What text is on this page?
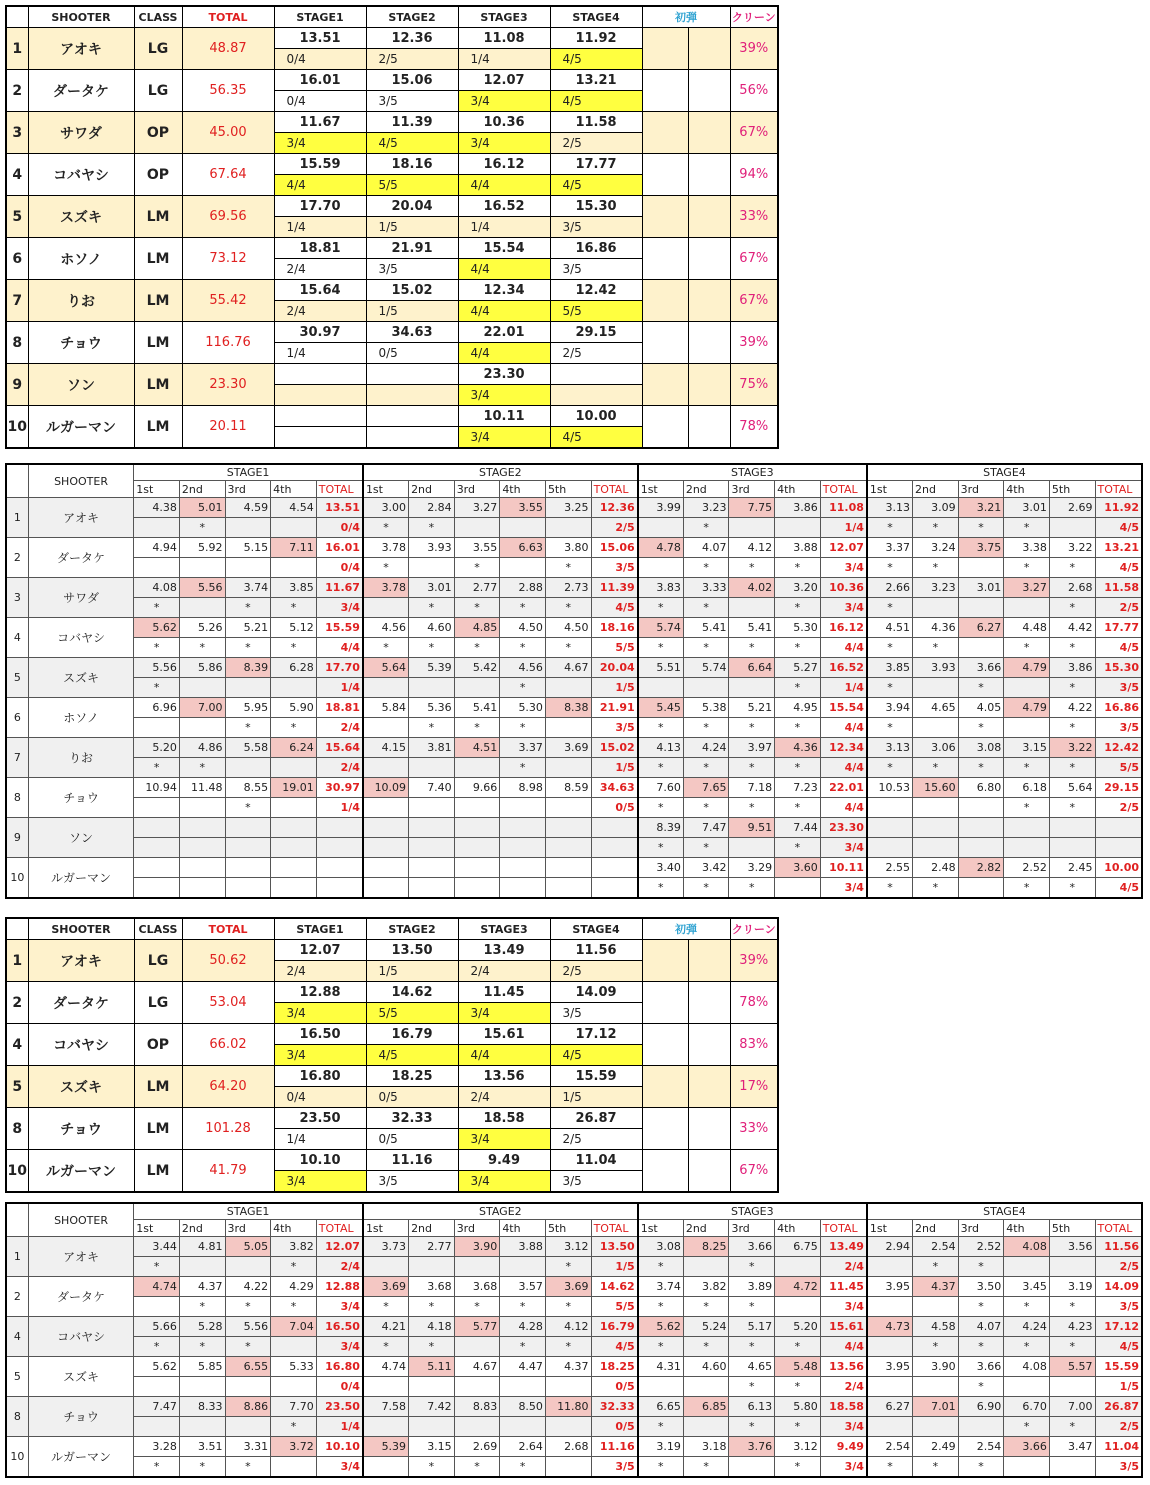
	SHOOTER	CLASS	TOTAL	STAGE1	STAGE2	STAGE3	STAGE4	初弾		クリーン
1	アオキ	LG	48.87	13.51	12.36	11.08	11.92			39%
				0/4	2/5	1/4	4/5			
2	ダータケ	LG	56.35	16.01	15.06	12.07	13.21			56%
				0/4	3/5	3/4	4/5			
3	サワダ	OP	45.00	11.67	11.39	10.36	11.58			67%
				3/4	4/5	3/4	2/5			
4	コバヤシ	OP	67.64	15.59	18.16	16.12	17.77			94%
				4/4	5/5	4/4	4/5			
5	スズキ	LM	69.56	17.70	20.04	16.52	15.30			33%
				1/4	1/5	1/4	3/5			
6	ホソノ	LM	73.12	18.81	21.91	15.54	16.86			67%
				2/4	3/5	4/4	3/5			
7	りお	LM	55.42	15.64	15.02	12.34	12.42			67%
				2/4	1/5	4/4	5/5			
8	チョウ	LM	116.76	30.97	34.63	22.01	29.15			39%
				1/4	0/5	4/4	2/5			
9	ソン	LM	23.30			23.30				75%
						3/4				
10	ルガーマン	LM	20.11			10.11	10.00			78%
						3/4	4/5			
	SHOOTER	STAGE1					STAGE2						STAGE3					STAGE4					
		1st	2nd	3rd	4th	TOTAL	1st	2nd	3rd	4th	5th	TOTAL	1st	2nd	3rd	4th	TOTAL	1st	2nd	3rd	4th	5th	TOTAL
1	アオキ	4.38	5.01	4.59	4.54	13.51	3.00	2.84	3.27	3.55	3.25	12.36	3.99	3.23	7.75	3.86	11.08	3.13	3.09	3.21	3.01	2.69	11.92
			*			0/4	*	*				2/5		*			1/4	*	*	*	*		4/5
2	ダータケ	4.94	5.92	5.15	7.11	16.01	3.78	3.93	3.55	6.63	3.80	15.06	4.78	4.07	4.12	3.88	12.07	3.37	3.24	3.75	3.38	3.22	13.21
						0/4	*		*		*	3/5		*	*	*	3/4	*	*		*	*	4/5
3	サワダ	4.08	5.56	3.74	3.85	11.67	3.78	3.01	2.77	2.88	2.73	11.39	3.83	3.33	4.02	3.20	10.36	2.66	3.23	3.01	3.27	2.68	11.58
		*		*	*	3/4		*	*	*	*	4/5	*	*		*	3/4	*				*	2/5
4	コバヤシ	5.62	5.26	5.21	5.12	15.59	4.56	4.60	4.85	4.50	4.50	18.16	5.74	5.41	5.41	5.30	16.12	4.51	4.36	6.27	4.48	4.42	17.77
		*	*	*	*	4/4	*	*	*	*	*	5/5	*	*	*	*	4/4	*	*		*	*	4/5
5	スズキ	5.56	5.86	8.39	6.28	17.70	5.64	5.39	5.42	4.56	4.67	20.04	5.51	5.74	6.64	5.27	16.52	3.85	3.93	3.66	4.79	3.86	15.30
		*				1/4				*		1/5				*	1/4	*		*		*	3/5
6	ホソノ	6.96	7.00	5.95	5.90	18.81	5.84	5.36	5.41	5.30	8.38	21.91	5.45	5.38	5.21	4.95	15.54	3.94	4.65	4.05	4.79	4.22	16.86
				*	*	2/4		*	*	*		3/5	*	*	*	*	4/4	*		*		*	3/5
7	りお	5.20	4.86	5.58	6.24	15.64	4.15	3.81	4.51	3.37	3.69	15.02	4.13	4.24	3.97	4.36	12.34	3.13	3.06	3.08	3.15	3.22	12.42
		*	*			2/4				*		1/5	*	*	*	*	4/4	*	*	*	*	*	5/5
8	チョウ	10.94	11.48	8.55	19.01	30.97	10.09	7.40	9.66	8.98	8.59	34.63	7.60	7.65	7.18	7.23	22.01	10.53	15.60	6.80	6.18	5.64	29.15
				*		1/4						0/5	*	*	*	*	4/4				*	*	2/5
9	ソン												8.39	7.47	9.51	7.44	23.30						
													*	*		*	3/4						
10	ルガーマン												3.40	3.42	3.29	3.60	10.11	2.55	2.48	2.82	2.52	2.45	10.00
													*	*	*		3/4	*	*		*	*	4/5
	SHOOTER	CLASS	TOTAL	STAGE1	STAGE2	STAGE3	STAGE4	初弾		クリーン
1	アオキ	LG	50.62	12.07	13.50	13.49	11.56			39%
				2/4	1/5	2/4	2/5			
2	ダータケ	LG	53.04	12.88	14.62	11.45	14.09			78%
				3/4	5/5	3/4	3/5			
4	コバヤシ	OP	66.02	16.50	16.79	15.61	17.12			83%
				3/4	4/5	4/4	4/5			
5	スズキ	LM	64.20	16.80	18.25	13.56	15.59			17%
				0/4	0/5	2/4	1/5			
8	チョウ	LM	101.28	23.50	32.33	18.58	26.87			33%
				1/4	0/5	3/4	2/5			
10	ルガーマン	LM	41.79	10.10	11.16	9.49	11.04			67%
				3/4	3/5	3/4	3/5			
	SHOOTER	STAGE1					STAGE2						STAGE3					STAGE4					
		1st	2nd	3rd	4th	TOTAL	1st	2nd	3rd	4th	5th	TOTAL	1st	2nd	3rd	4th	TOTAL	1st	2nd	3rd	4th	5th	TOTAL
1	アオキ	3.44	4.81	5.05	3.82	12.07	3.73	2.77	3.90	3.88	3.12	13.50	3.08	8.25	3.66	6.75	13.49	2.94	2.54	2.52	4.08	3.56	11.56
		*			*	2/4					*	1/5	*		*		2/4		*	*			2/5
2	ダータケ	4.74	4.37	4.22	4.29	12.88	3.69	3.68	3.68	3.57	3.69	14.62	3.74	3.82	3.89	4.72	11.45	3.95	4.37	3.50	3.45	3.19	14.09
			*	*	*	3/4	*	*	*	*	*	5/5	*	*	*		3/4			*	*	*	3/5
4	コバヤシ	5.66	5.28	5.56	7.04	16.50	4.21	4.18	5.77	4.28	4.12	16.79	5.62	5.24	5.17	5.20	15.61	4.73	4.58	4.07	4.24	4.23	17.12
		*	*	*		3/4	*	*		*	*	4/5	*	*	*	*	4/4		*	*	*	*	4/5
5	スズキ	5.62	5.85	6.55	5.33	16.80	4.74	5.11	4.67	4.47	4.37	18.25	4.31	4.60	4.65	5.48	13.56	3.95	3.90	3.66	4.08	5.57	15.59
						0/4						0/5			*	*	2/4			*			1/5
8	チョウ	7.47	8.33	8.86	7.70	23.50	7.58	7.42	8.83	8.50	11.80	32.33	6.65	6.85	6.13	5.80	18.58	6.27	7.01	6.90	6.70	7.00	26.87
					*	1/4						0/5	*		*	*	3/4				*	*	2/5
10	ルガーマン	3.28	3.51	3.31	3.72	10.10	5.39	3.15	2.69	2.64	2.68	11.16	3.19	3.18	3.76	3.12	9.49	2.54	2.49	2.54	3.66	3.47	11.04
		*	*	*		3/4		*	*	*		3/5	*	*		*	3/4	*	*	*			3/5
